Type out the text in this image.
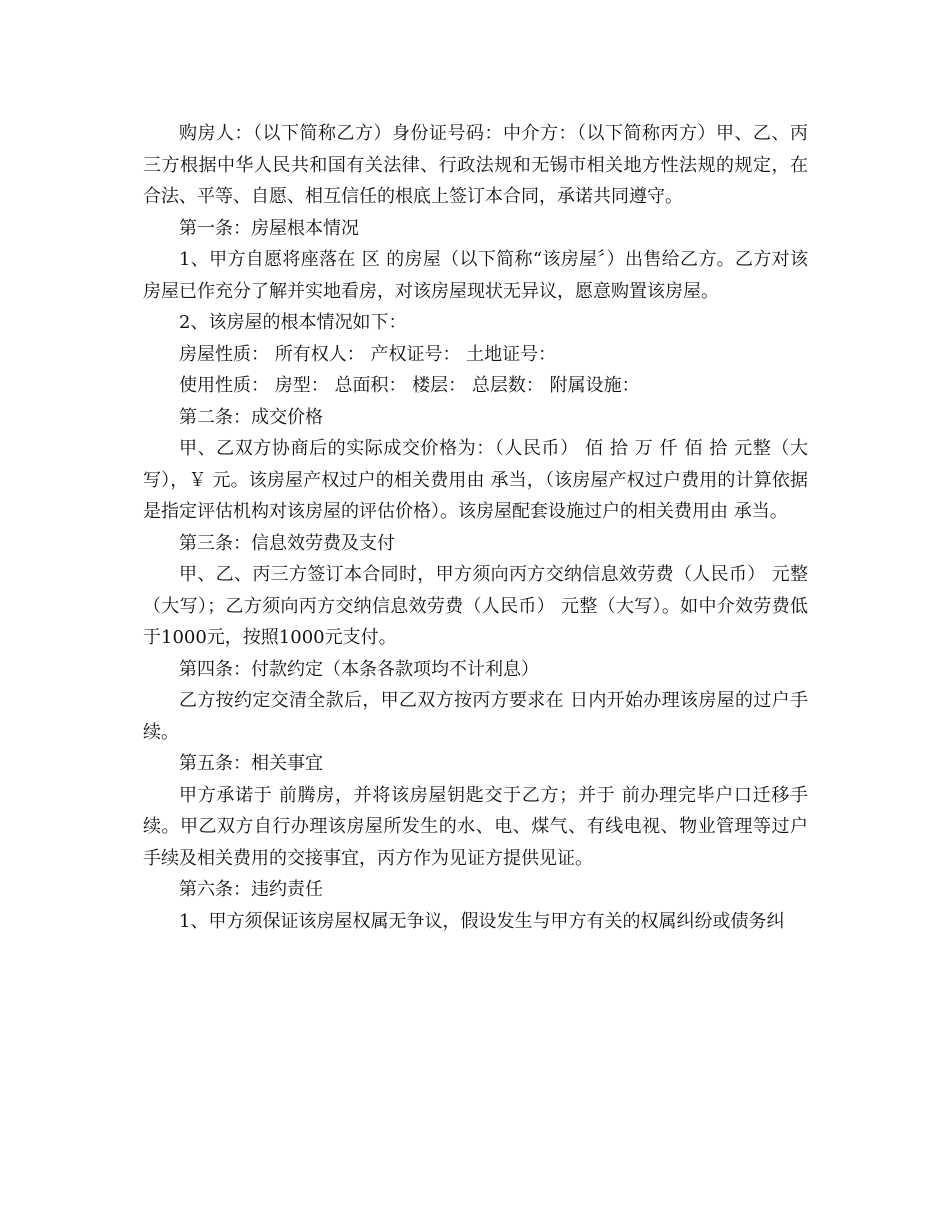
购房人：（以下简称乙方）身份证号码：中介方：（以下简称丙方）甲、乙、丙三方根据中华人民共和国有关法律、行政法规和无锡市相关地方性法规的规定，在合法、平等、自愿、相互信任的根底上签订本合同，承诺共同遵守。

第一条：房屋根本情况

1、甲方自愿将座落在 区 的房屋（以下简称“该房屋〞）出售给乙方。乙方对该房屋已作充分了解并实地看房，对该房屋现状无异议，愿意购置该房屋。

2、该房屋的根本情况如下：

房屋性质： 所有权人： 产权证号： 土地证号：

使用性质： 房型： 总面积： 楼层： 总层数： 附属设施：

第二条：成交价格

甲、乙双方协商后的实际成交价格为：（人民币） 佰 拾 万 仟 佰 拾 元整（大写），￥ 元。该房屋产权过户的相关费用由 承当，（该房屋产权过户费用的计算依据是指定评估机构对该房屋的评估价格）。该房屋配套设施过户的相关费用由 承当。

第三条：信息效劳费及支付

甲、乙、丙三方签订本合同时，甲方须向丙方交纳信息效劳费（人民币） 元整（大写）；乙方须向丙方交纳信息效劳费（人民币） 元整（大写）。如中介效劳费低于1000元，按照1000元支付。

第四条：付款约定（本条各款项均不计利息）

乙方按约定交清全款后，甲乙双方按丙方要求在 日内开始办理该房屋的过户手续。

第五条：相关事宜

甲方承诺于 前腾房，并将该房屋钥匙交于乙方；并于 前办理完毕户口迁移手续。甲乙双方自行办理该房屋所发生的水、电、煤气、有线电视、物业管理等过户手续及相关费用的交接事宜，丙方作为见证方提供见证。

第六条：违约责任

1、甲方须保证该房屋权属无争议，假设发生与甲方有关的权属纠纷或债务纠
